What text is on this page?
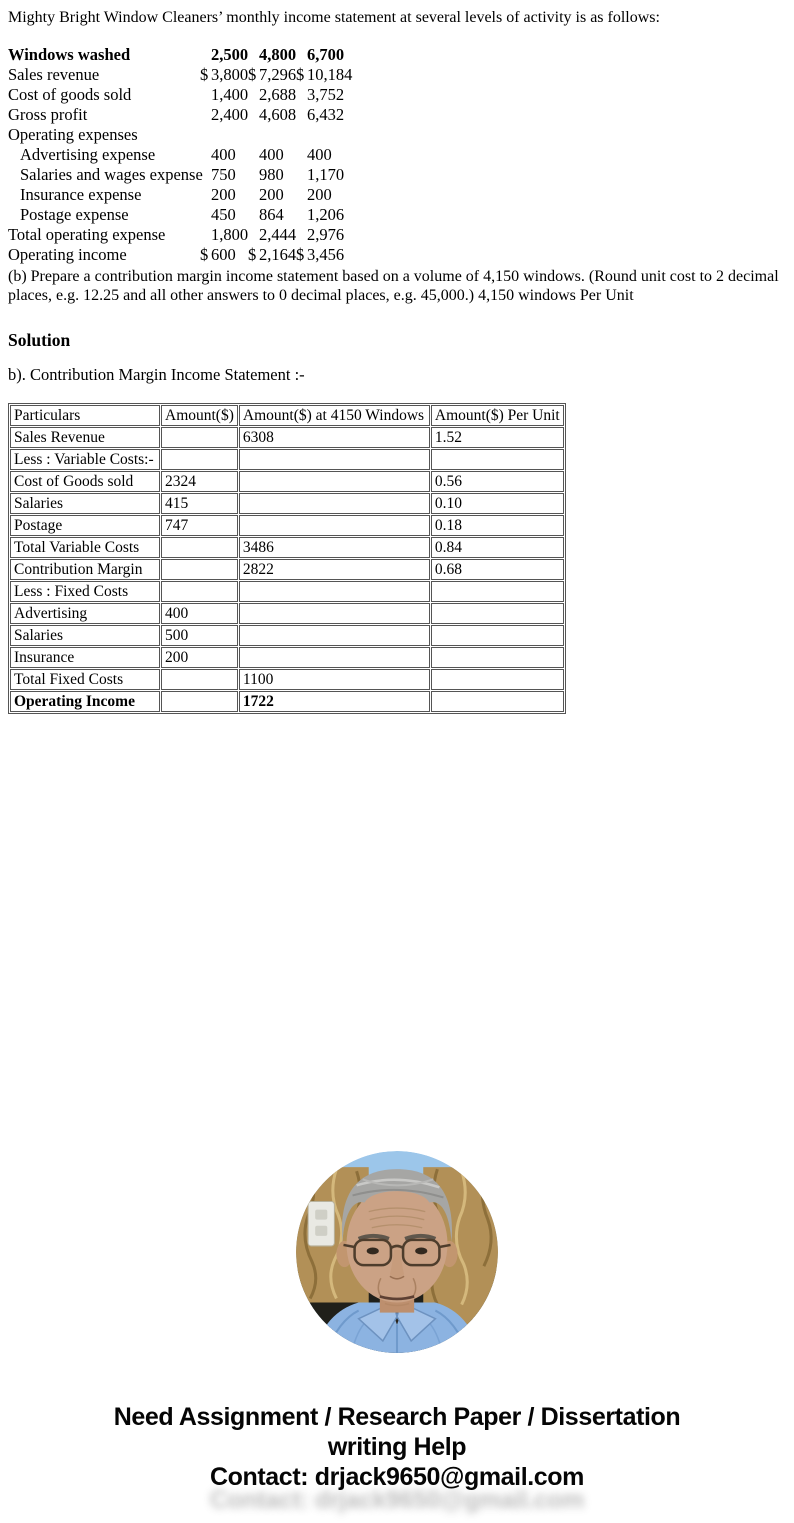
Mighty Bright Window Cleaners’ monthly income statement at several levels of activity is as follows:

Windows washed	2,500 4,800 6,700
Sales revenue	$ 3,800 $ 7,296 $ 10,184
Cost of goods sold	1,400 2,688 3,752
Gross profit	2,400 4,608 6,432
Operating expenses
Advertising expense	400 400 400
Salaries and wages expense 750 980 1,170
Insurance expense	200 200 200
Postage expense	450 864 1,206
Total operating expense	1,800 2,444 2,976
Operating income	$ 600 $ 2,164 $ 3,456

(b) Prepare a contribution margin income statement based on a volume of 4,150 windows. (Round unit cost to 2 decimal places, e.g. 12.25 and all other answers to 0 decimal places, e.g. 45,000.) 4,150 windows Per Unit

Solution

b). Contribution Margin Income Statement :-

Particulars	Amount($)	Amount($) at 4150 Windows	Amount($) Per Unit
Sales Revenue		6308	1.52
Less : Variable Costs:-			
Cost of Goods sold	2324		0.56
Salaries	415		0.10
Postage	747		0.18
Total Variable Costs		3486	0.84
Contribution Margin		2822	0.68
Less : Fixed Costs			
Advertising	400		
Salaries	500		
Insurance	200		
Total Fixed Costs		1100	
Operating Income		1722	
Need Assignment / Research Paper / Dissertation
writing Help
Contact: drjack9650@gmail.com
